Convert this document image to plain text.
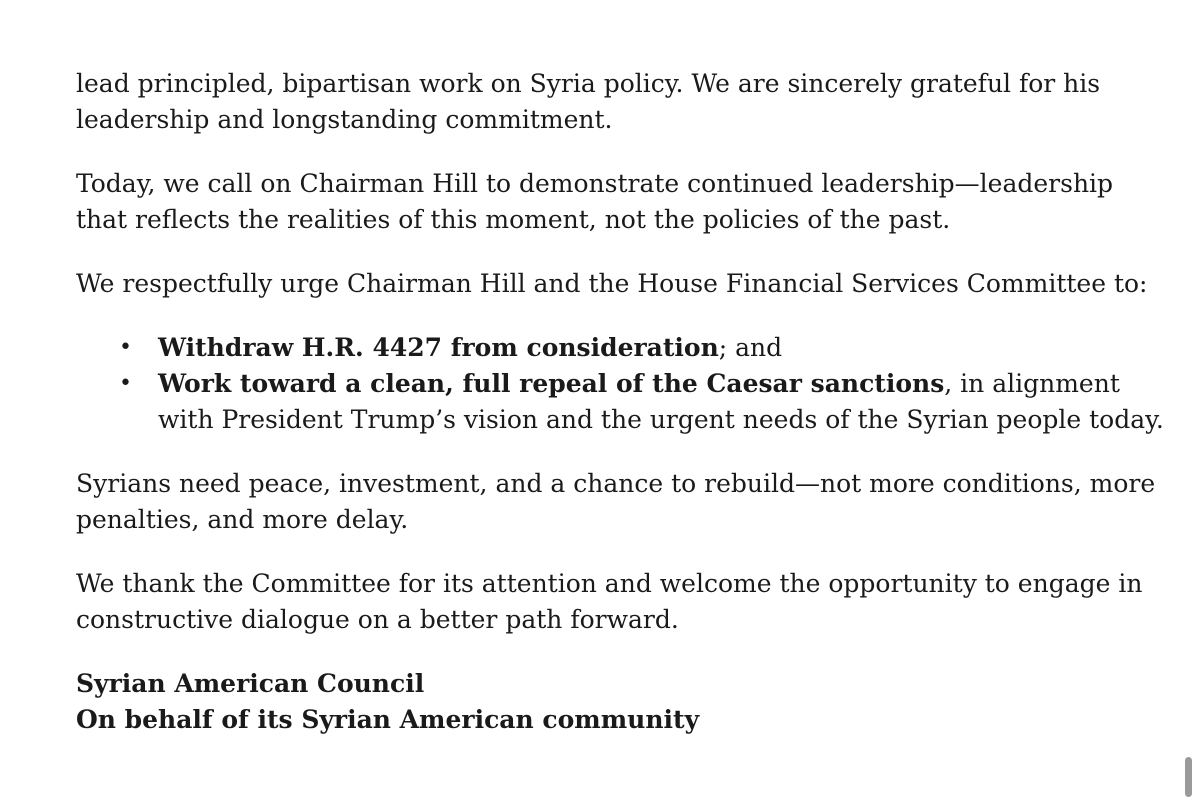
lead principled, bipartisan work on Syria policy. We are sincerely grateful for his leadership and longstanding commitment.

Today, we call on Chairman Hill to demonstrate continued leadership—leadership that reflects the realities of this moment, not the policies of the past.

We respectfully urge Chairman Hill and the House Financial Services Committee to:

• Withdraw H.R. 4427 from consideration; and
• Work toward a clean, full repeal of the Caesar sanctions, in alignment with President Trump’s vision and the urgent needs of the Syrian people today.

Syrians need peace, investment, and a chance to rebuild—not more conditions, more penalties, and more delay.

We thank the Committee for its attention and welcome the opportunity to engage in constructive dialogue on a better path forward.

Syrian American Council

On behalf of its Syrian American community
